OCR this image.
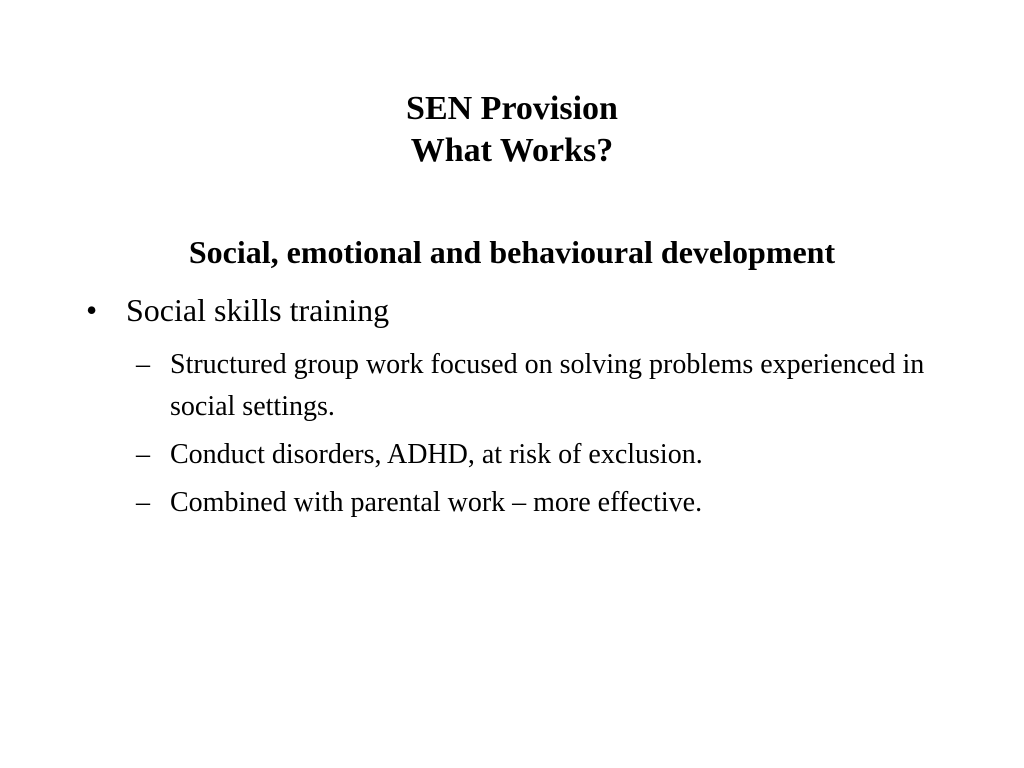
SEN Provision
What Works?
Social, emotional and behavioural development
• Social skills training
– Structured group work focused on solving problems experienced in social settings.
– Conduct disorders, ADHD, at risk of exclusion.
– Combined with parental work – more effective.
